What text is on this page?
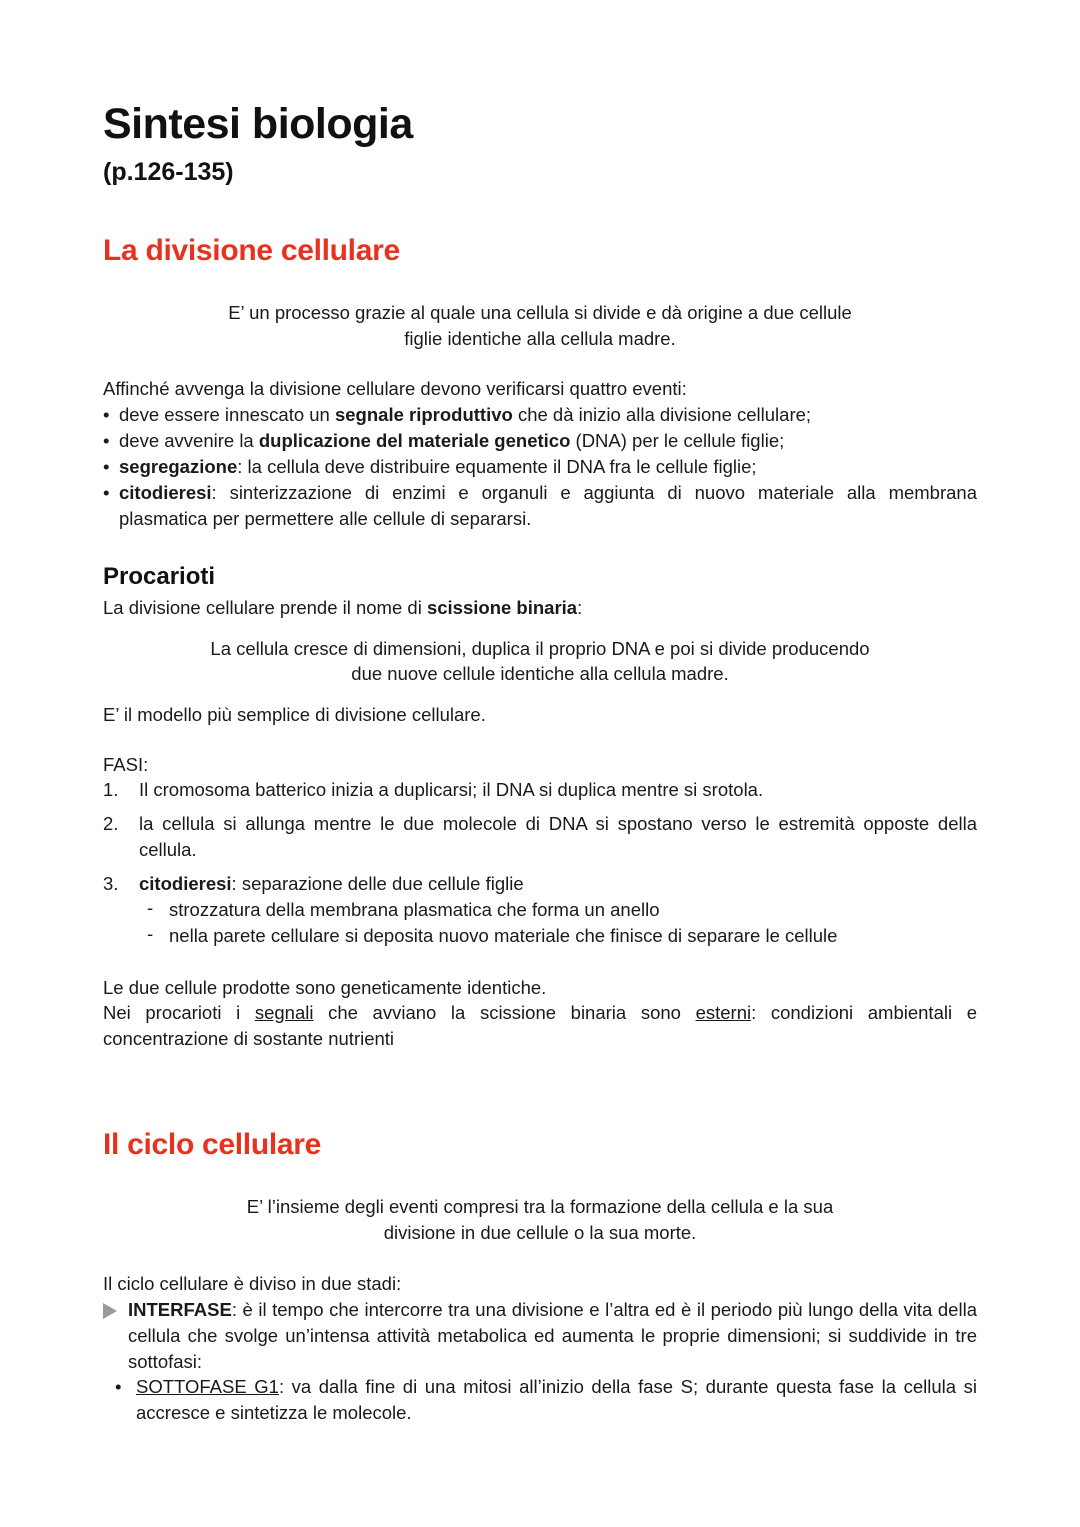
Sintesi biologia
(p.126-135)
La divisione cellulare
E’ un processo grazie al quale una cellula si divide e dà origine a due cellule
figlie identiche alla cellula madre.
Affinché avvenga la divisione cellulare devono verificarsi quattro eventi:
• deve essere innescato un segnale riproduttivo che dà inizio alla divisione cellulare;
• deve avvenire la duplicazione del materiale genetico (DNA) per le cellule figlie;
• segregazione: la cellula deve distribuire equamente il DNA fra le cellule figlie;
• citodieresi: sinterizzazione di enzimi e organuli e aggiunta di nuovo materiale alla membrana plasmatica per permettere alle cellule di separarsi.
Procarioti
La divisione cellulare prende il nome di scissione binaria:
La cellula cresce di dimensioni, duplica il proprio DNA e poi si divide producendo
due nuove cellule identiche alla cellula madre.
E’ il modello più semplice di divisione cellulare.
FASI:
1. Il cromosoma batterico inizia a duplicarsi; il DNA si duplica mentre si srotola.
2. la cellula si allunga mentre le due molecole di DNA si spostano verso le estremità opposte della cellula.
3. citodieresi: separazione delle due cellule figlie
- strozzatura della membrana plasmatica che forma un anello
- nella parete cellulare si deposita nuovo materiale che finisce di separare le cellule
Le due cellule prodotte sono geneticamente identiche.
Nei procarioti i segnali che avviano la scissione binaria sono esterni: condizioni ambientali e concentrazione di sostante nutrienti
Il ciclo cellulare
E’ l’insieme degli eventi compresi tra la formazione della cellula e la sua
divisione in due cellule o la sua morte.
Il ciclo cellulare è diviso in due stadi:
INTERFASE: è il tempo che intercorre tra una divisione e l’altra ed è il periodo più lungo della vita della cellula che svolge un’intensa attività metabolica ed aumenta le proprie dimensioni; si suddivide in tre sottofasi:
• SOTTOFASE G1: va dalla fine di una mitosi all’inizio della fase S; durante questa fase la cellula si accresce e sintetizza le molecole.
